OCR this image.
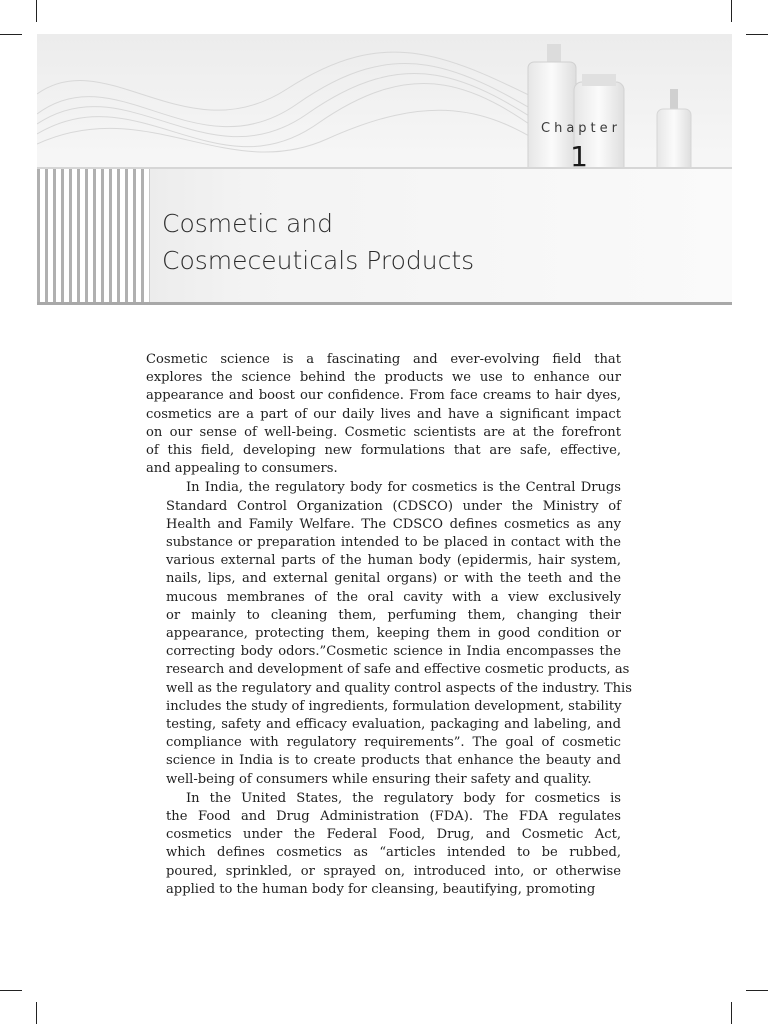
Chapter
1
Cosmetic and
Cosmeceuticals Products

Cosmetic science is a fascinating and ever-evolving field that
explores the science behind the products we use to enhance our
appearance and boost our confidence. From face creams to hair dyes,
cosmetics are a part of our daily lives and have a significant impact
on our sense of well-being. Cosmetic scientists are at the forefront
of this field, developing new formulations that are safe, effective,
and appealing to consumers.

In India, the regulatory body for cosmetics is the Central Drugs
Standard Control Organization (CDSCO) under the Ministry of
Health and Family Welfare. The CDSCO defines cosmetics as any
substance or preparation intended to be placed in contact with the
various external parts of the human body (epidermis, hair system,
nails, lips, and external genital organs) or with the teeth and the
mucous membranes of the oral cavity with a view exclusively
or mainly to cleaning them, perfuming them, changing their
appearance, protecting them, keeping them in good condition or
correcting body odors.”Cosmetic science in India encompasses the
research and development of safe and effective cosmetic products, as
well as the regulatory and quality control aspects of the industry. This
includes the study of ingredients, formulation development, stability
testing, safety and efficacy evaluation, packaging and labeling, and
compliance with regulatory requirements”. The goal of cosmetic
science in India is to create products that enhance the beauty and
well-being of consumers while ensuring their safety and quality.

In the United States, the regulatory body for cosmetics is
the Food and Drug Administration (FDA). The FDA regulates
cosmetics under the Federal Food, Drug, and Cosmetic Act,
which defines cosmetics as “articles intended to be rubbed,
poured, sprinkled, or sprayed on, introduced into, or otherwise
applied to the human body for cleansing, beautifying, promoting
